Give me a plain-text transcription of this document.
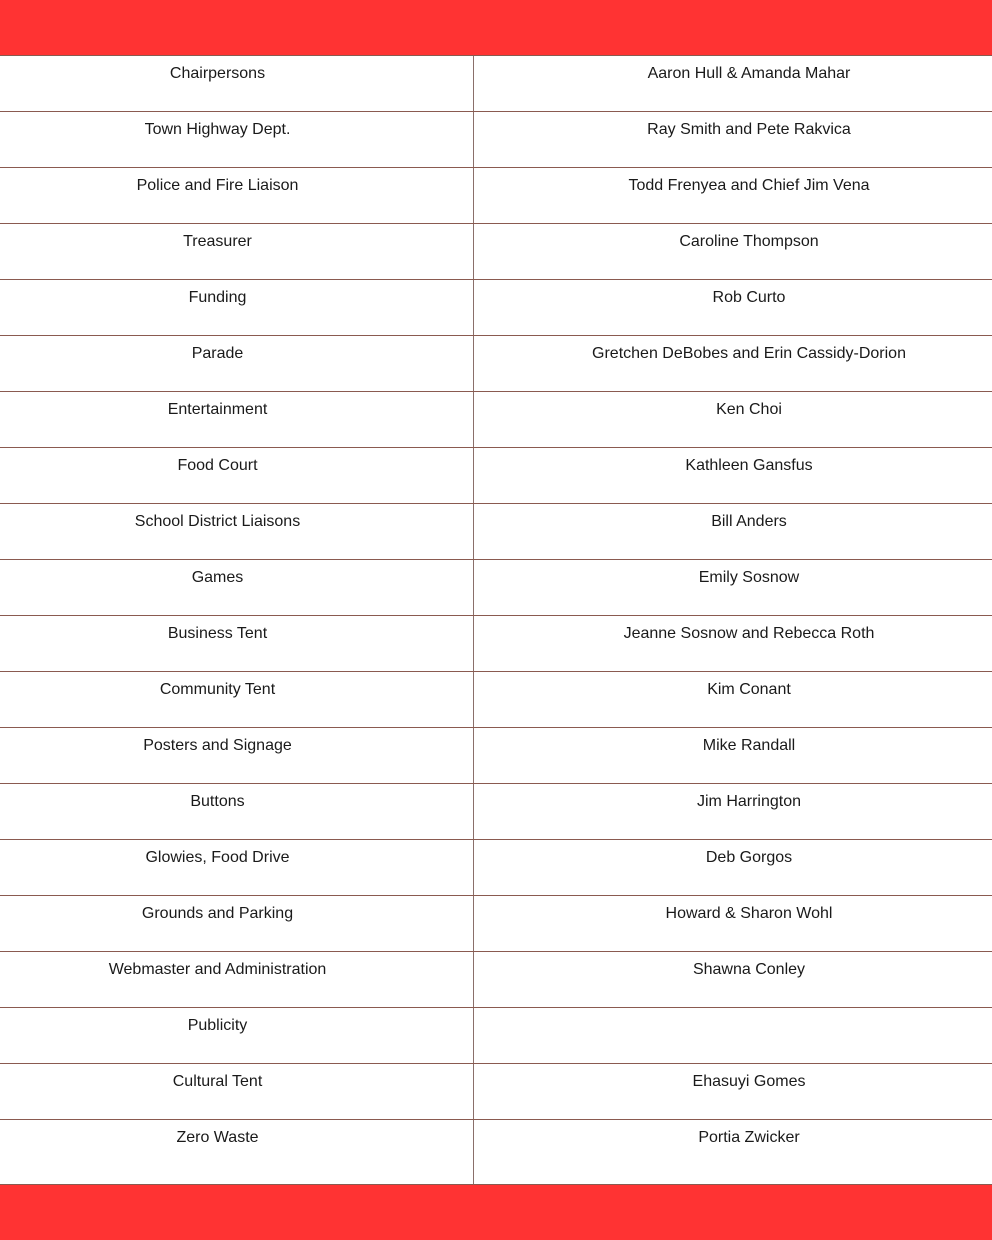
Chairpersons	Aaron Hull & Amanda Mahar
Town Highway Dept.	Ray Smith and Pete Rakvica
Police and Fire Liaison	Todd Frenyea and Chief Jim Vena
Treasurer	Caroline Thompson
Funding	Rob Curto
Parade	Gretchen DeBobes and Erin Cassidy-Dorion
Entertainment	Ken Choi
Food Court	Kathleen Gansfus
School District Liaisons	Bill Anders
Games	Emily Sosnow
Business Tent	Jeanne Sosnow and Rebecca Roth
Community Tent	Kim Conant
Posters and Signage	Mike Randall
Buttons	Jim Harrington
Glowies, Food Drive	Deb Gorgos
Grounds and Parking	Howard & Sharon Wohl
Webmaster and Administration	Shawna Conley
Publicity
Cultural Tent	Ehasuyi Gomes
Zero Waste	Portia Zwicker
